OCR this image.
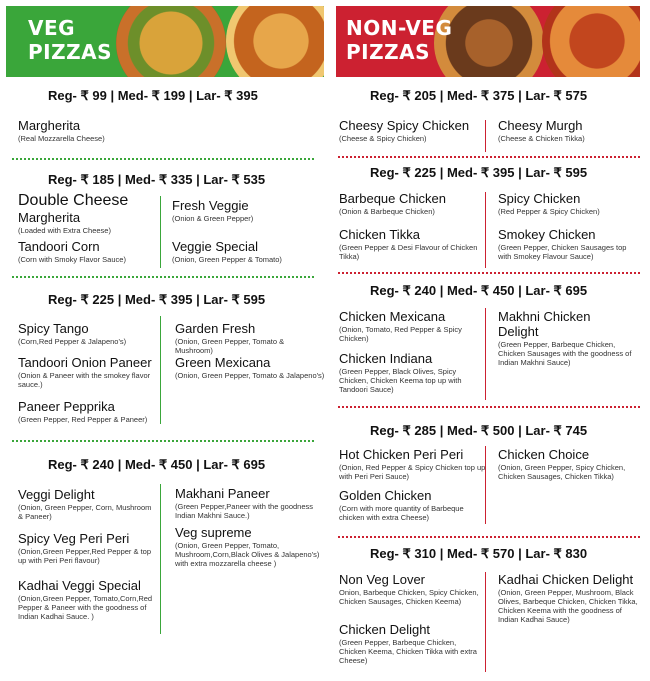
VEG
PIZZAS
NON-VEG
PIZZAS
Reg- ₹ 99 | Med- ₹ 199 | Lar- ₹ 395
Margherita
(Real Mozzarella Cheese)
Reg- ₹ 185 | Med- ₹ 335 | Lar- ₹ 535
Double Cheese
Margherita
(Loaded with Extra Cheese)
Fresh Veggie
(Onion & Green Pepper)
Tandoori Corn
(Corn with Smoky Flavor Sauce)
Veggie Special
(Onion, Green Pepper & Tomato)
Reg- ₹ 225 | Med- ₹ 395 | Lar- ₹ 595
Spicy Tango
(Corn,Red Pepper & Jalapeno's)
Garden Fresh
(Onion, Green Pepper, Tomato & Mushroom)
Tandoori Onion Paneer
(Onion & Paneer with the smokey flavor sauce.)
Green Mexicana
(Onion, Green Pepper, Tomato & Jalapeno's)
Paneer Pepprika
(Green Pepper, Red Pepper & Paneer)
Reg- ₹ 240 | Med- ₹ 450 | Lar- ₹ 695
Veggi Delight
(Onion, Green Pepper, Corn, Mushroom & Paneer)
Makhani Paneer
(Green Pepper,Paneer with the goodness Indian Makhni Sauce.)
Spicy Veg Peri Peri
(Onion,Green Pepper,Red Pepper & top up with Peri Peri flavour)
Veg supreme
(Onion, Green Pepper, Tomato, Mushroom,Corn,Black Olives & Jalapeno's) with extra mozzarella cheese )
Kadhai Veggi Special
(Onion,Green Pepper, Tomato,Corn,Red Pepper & Paneer with the goodness of Indian Kadhai Sauce. )
Reg- ₹ 205 | Med- ₹ 375 | Lar- ₹ 575
Cheesy Spicy Chicken
(Cheese & Spicy Chicken)
Cheesy Murgh
(Cheese & Chicken Tikka)
Reg- ₹ 225 | Med- ₹ 395 | Lar- ₹ 595
Barbeque Chicken
(Onion & Barbeque Chicken)
Spicy Chicken
(Red Pepper & Spicy Chicken)
Chicken Tikka
(Green Pepper & Desi Flavour of Chicken Tikka)
Smokey Chicken
(Green Pepper, Chicken Sausages top with Smokey Flavour Sauce)
Reg- ₹ 240 | Med- ₹ 450 | Lar- ₹ 695
Chicken Mexicana
(Onion, Tomato, Red Pepper & Spicy Chicken)
Makhni Chicken
Delight
(Green Pepper, Barbeque Chicken, Chicken Sausages with the goodness of Indian Makhni Sauce)
Chicken Indiana
(Green Pepper, Black Olives, Spicy Chicken, Chicken Keema top up with Tandoori Sauce)
Reg- ₹ 285 | Med- ₹ 500 | Lar- ₹ 745
Hot Chicken Peri Peri
(Onion, Red Pepper & Spicy Chicken top up with Peri Peri Sauce)
Chicken Choice
(Onion, Green Pepper, Spicy Chicken, Chicken Sausages, Chicken Tikka)
Golden Chicken
(Corn with more quantity of Barbeque chicken with extra Cheese)
Reg- ₹ 310 | Med- ₹ 570 | Lar- ₹ 830
Non Veg Lover
Onion, Barbeque Chicken, Spicy Chicken, Chicken Sausages, Chicken Keema)
Kadhai Chicken Delight
(Onion, Green Pepper, Mushroom, Black Olives, Barbeque Chicken, Chicken Tikka, Chicken Keema with the goodness of Indian Kadhai Sauce)
Chicken Delight
(Green Pepper, Barbeque Chicken, Chicken Keema, Chicken Tikka with extra Cheese)
